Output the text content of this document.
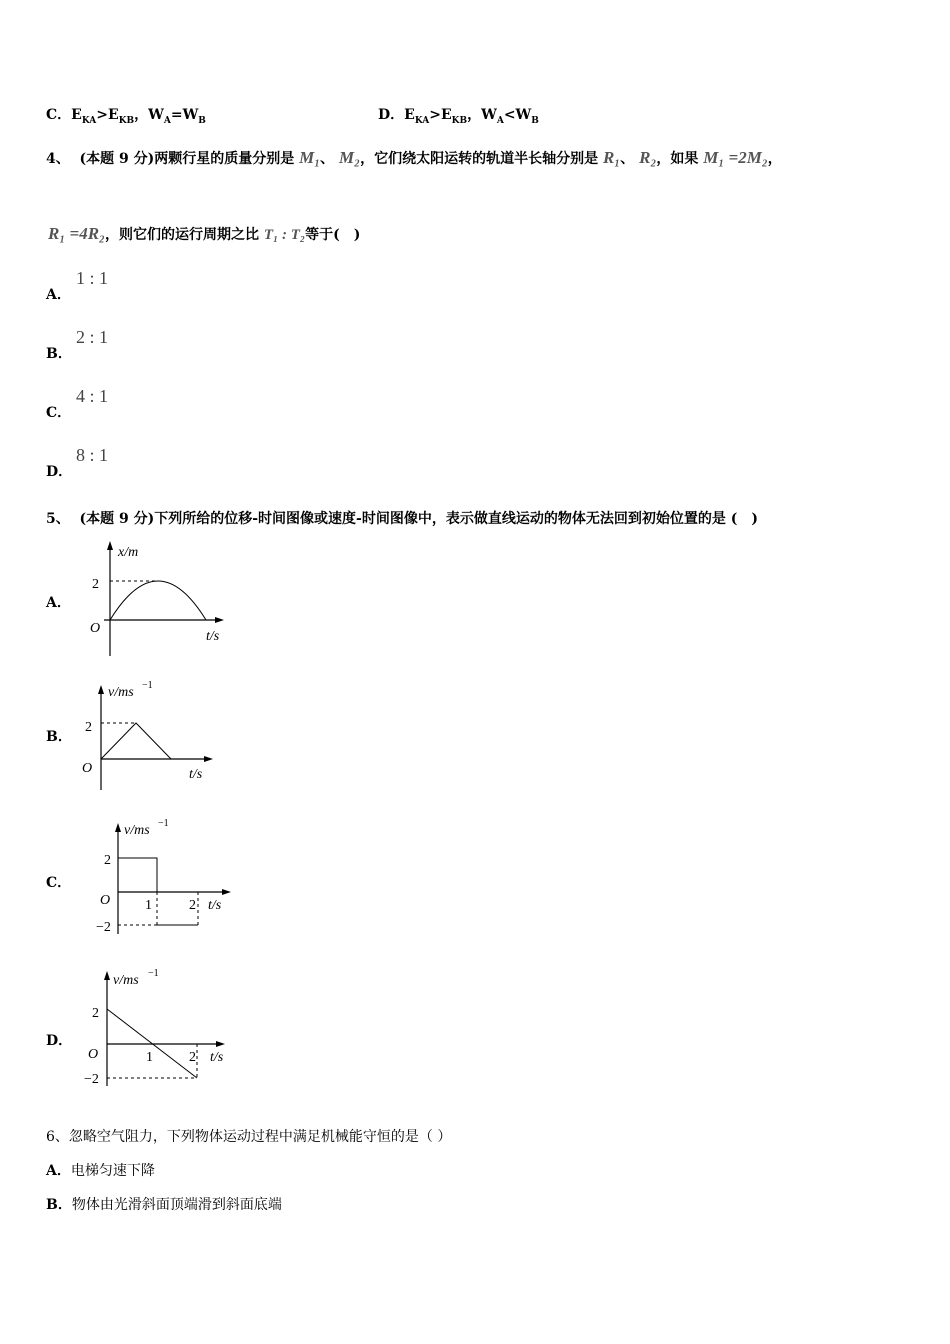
C．$E_{KA}>E_{KB}$，$W_A=W_B$	D．$E_{KA}>E_{KB}$，$W_A<W_B$
4、 (本题 9 分)两颗行星的质量分别是 M₁、 M₂，它们绕太阳运转的轨道半长轴分别是 R₁、 R₂，如果 M₁ =2M₂，
R₁ =4R₂，则它们的运行周期之比 T₁ : T₂等于(　)
A．
1 : 1
B．
2 : 1
C．
4 : 1
D．
8 : 1
5、 (本题 9 分)下列所给的位移-时间图像或速度-时间图像中，表示做直线运动的物体无法回到初始位置的是 (　)
A．
x/m
2
O
t/s
B．
v/ms −1
2
O	t/s
C．
v/ms −1
2
−2
O 1	2 t/s
D．
v/ms −1
2
−2
O	1	2 t/s
6、忽略空气阻力，下列物体运动过程中满足机械能守恒的是（ ）
A．电梯匀速下降
B．物体由光滑斜面顶端滑到斜面底端
